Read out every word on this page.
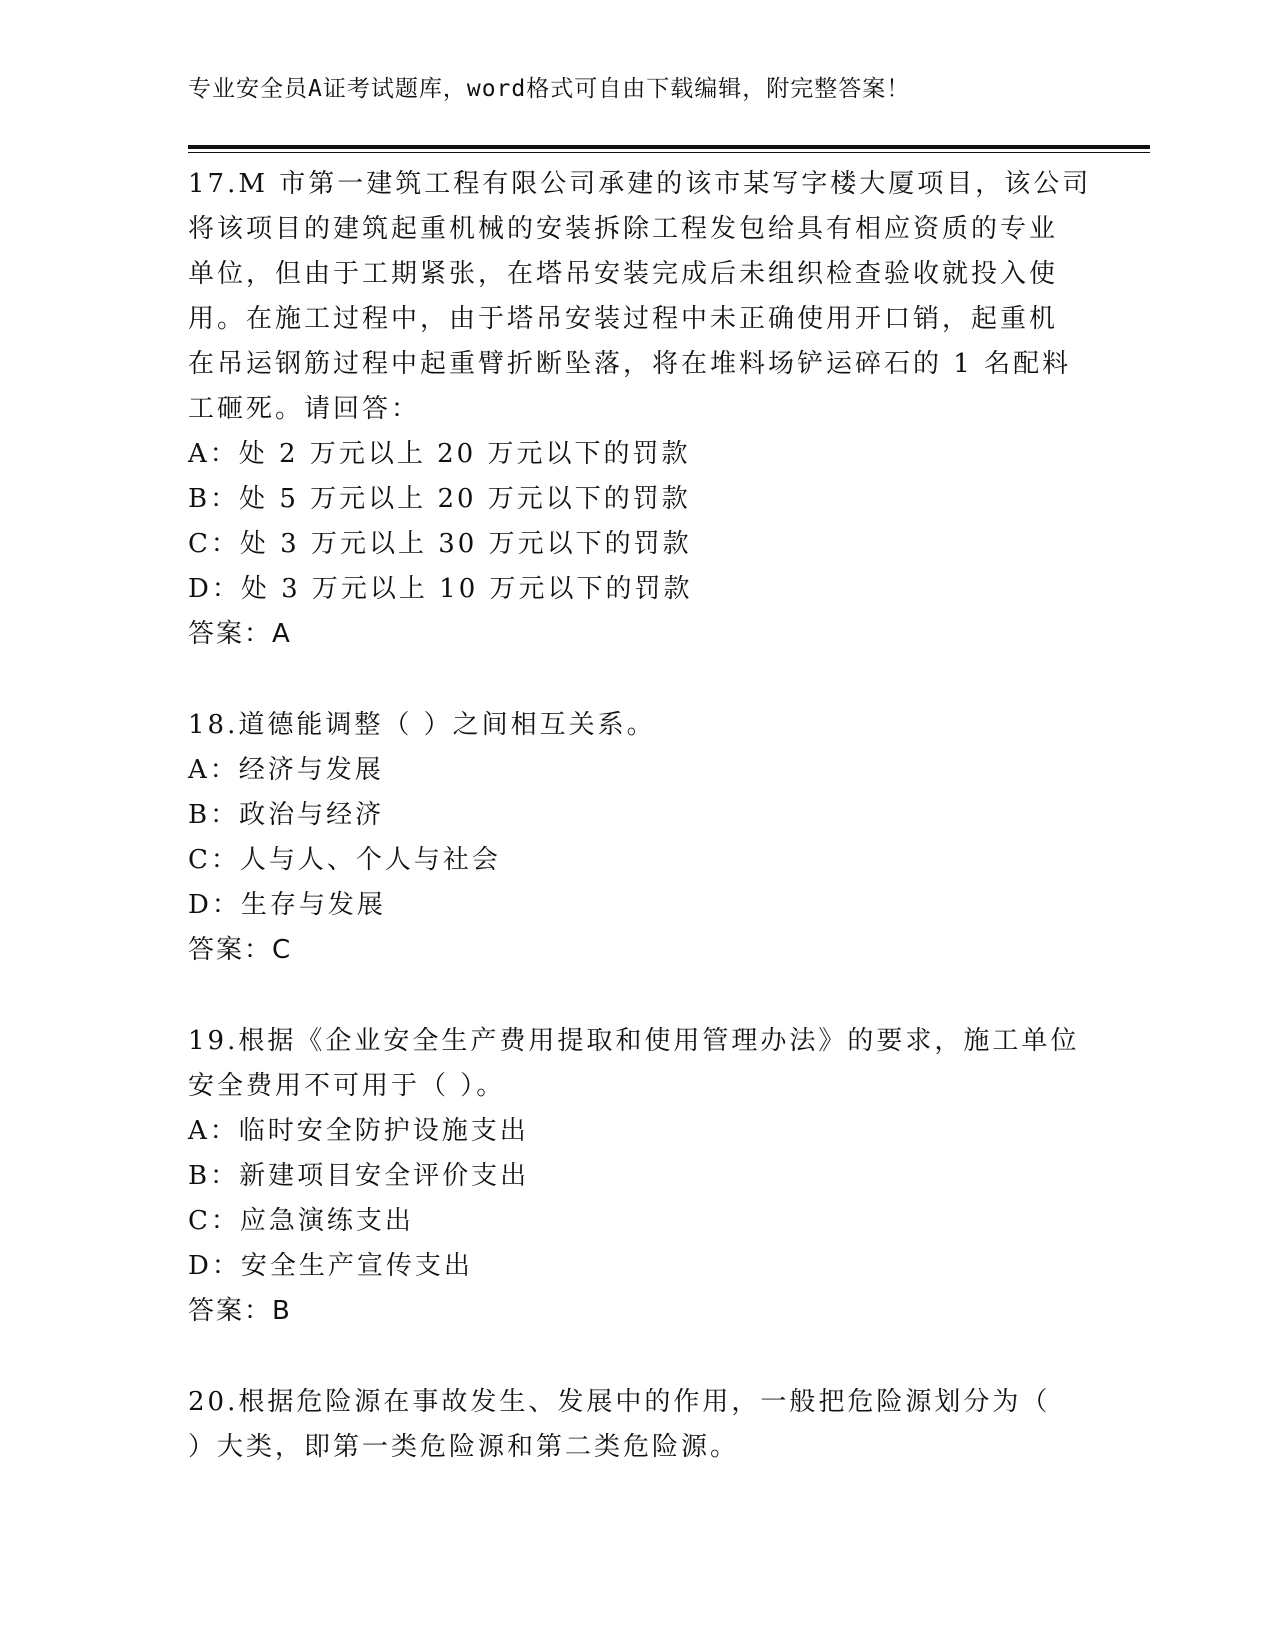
专业安全员A证考试题库，word格式可自由下载编辑，附完整答案！
17.M 市第一建筑工程有限公司承建的该市某写字楼大厦项目，该公司
将该项目的建筑起重机械的安装拆除工程发包给具有相应资质的专业
单位，但由于工期紧张，在塔吊安装完成后未组织检查验收就投入使
用。在施工过程中，由于塔吊安装过程中未正确使用开口销，起重机
在吊运钢筋过程中起重臂折断坠落，将在堆料场铲运碎石的 1 名配料
工砸死。请回答：
A：处 2 万元以上 20 万元以下的罚款
B：处 5 万元以上 20 万元以下的罚款
C：处 3 万元以上 30 万元以下的罚款
D：处 3 万元以上 10 万元以下的罚款
答案：A
18.道德能调整（ ）之间相互关系。
A：经济与发展
B：政治与经济
C：人与人、个人与社会
D：生存与发展
答案：C
19.根据《企业安全生产费用提取和使用管理办法》的要求，施工单位
安全费用不可用于（ ）。
A：临时安全防护设施支出
B：新建项目安全评价支出
C：应急演练支出
D：安全生产宣传支出
答案：B
20.根据危险源在事故发生、发展中的作用，一般把危险源划分为（
）大类，即第一类危险源和第二类危险源。
